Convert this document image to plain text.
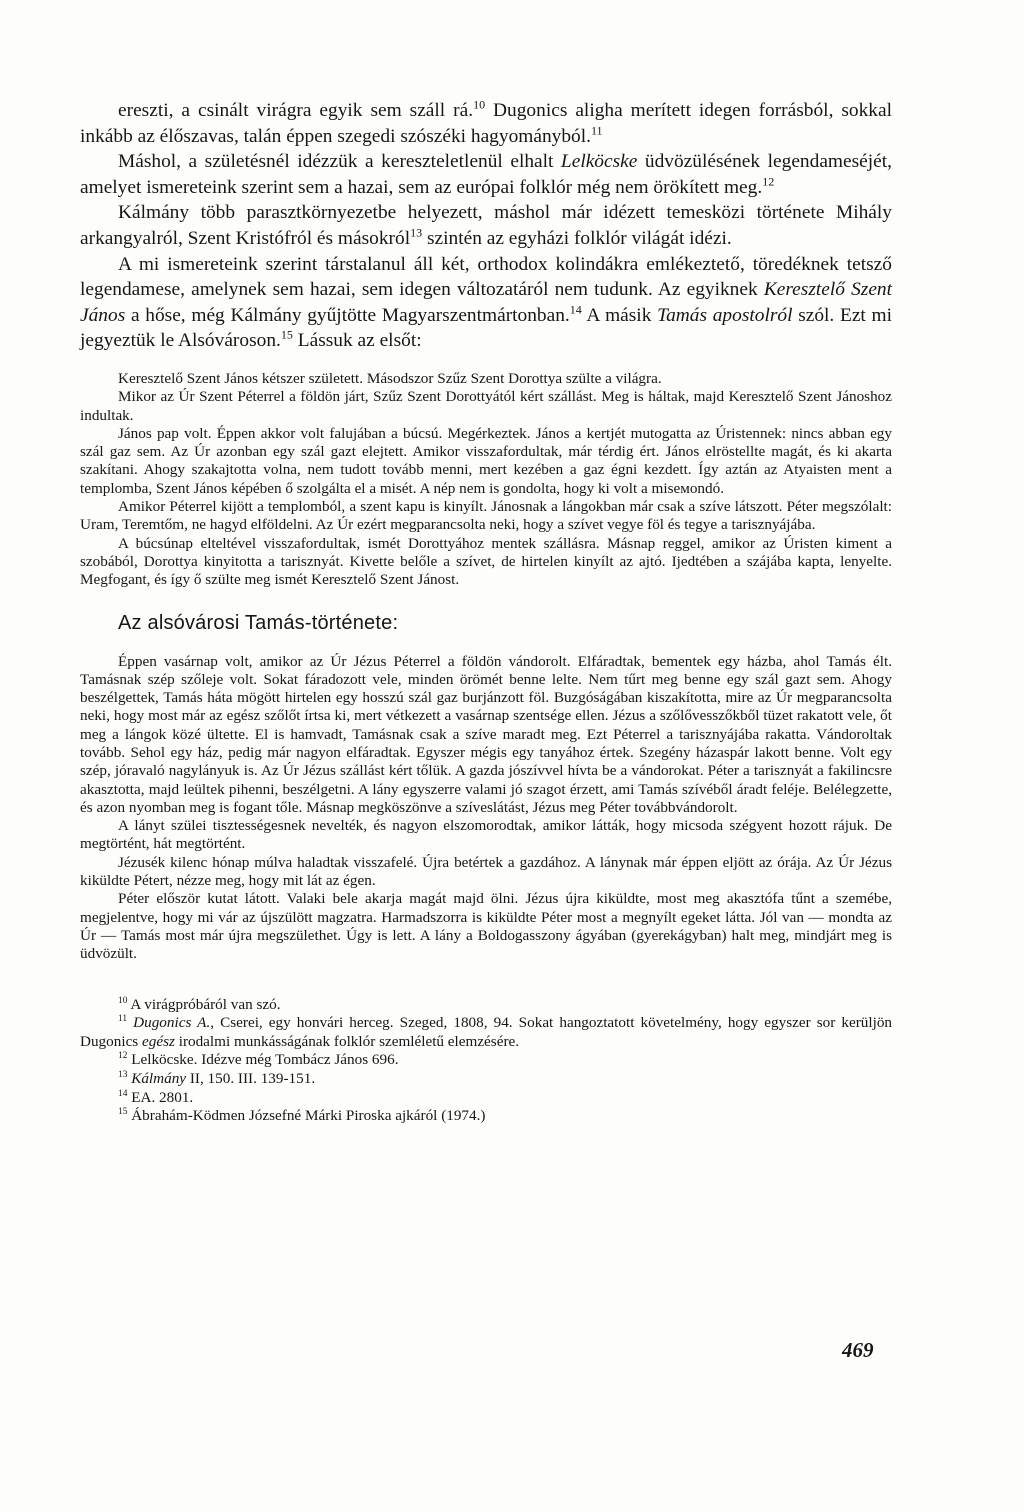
ereszti, a csinált virágra egyik sem száll rá.$^{10}$ Dugonics aligha merített idegen forrásból, sokkal inkább az élőszavas, talán éppen szegedi szószéki hagyományból.$^{11}$

Máshol, a születésnél idézzük a kereszteletlenül elhalt Lelköcske üdvözülésének legendameséjét, amelyet ismereteink szerint sem a hazai, sem az európai folklór még nem örökített meg.$^{12}$

Kálmány több parasztkörnyezetbe helyezett, máshol már idézett temesközi története Mihály arkangyalról, Szent Kristófról és másokról$^{13}$ szintén az egyházi folklór világát idézi.

A mi ismereteink szerint társtalanul áll két, orthodox kolindákra emlékeztető, töredéknek tetsző legendamese, amelynek sem hazai, sem idegen változatáról nem tudunk. Az egyiknek Keresztelő Szent János a hőse, még Kálmány gyűjtötte Magyarszentmártonban.$^{14}$ A másik Tamás apostolról szól. Ezt mi jegyeztük le Alsóvároson.$^{15}$ Lássuk az elsőt:

Keresztelő Szent János kétszer született. Másodszor Szűz Szent Dorottya szülte a világra.

Mikor az Úr Szent Péterrel a földön járt, Szűz Szent Dorottyától kért szállást. Meg is háltak, majd Keresztelő Szent Jánoshoz indultak.

János pap volt. Éppen akkor volt falujában a búcsú. Megérkeztek. János a kertjét mutogatta az Úristennek: nincs abban egy szál gaz sem. Az Úr azonban egy szál gazt elejtett. Amikor visszafordultak, már térdig ért. János elröstellte magát, és ki akarta szakítani. Ahogy szakajtotta volna, nem tudott tovább menni, mert kezében a gaz égni kezdett. Így aztán az Atyaisten ment a templomba, Szent János képében ő szolgálta el a misét. A nép nem is gondolta, hogy ki volt a miseмondó.

Amikor Péterrel kijött a templomból, a szent kapu is kinyílt. Jánosnak a lángokban már csak a szíve látszott. Péter megszólalt: Uram, Teremtőm, ne hagyd elföldelni. Az Úr ezért megparancsolta neki, hogy a szívet vegye föl és tegye a tarisznyájába.

A búcsúnap elteltével visszafordultak, ismét Dorottyához mentek szállásra. Másnap reggel, amikor az Úristen kiment a szobából, Dorottya kinyitotta a tarisznyát. Kivette belőle a szívet, de hirtelen kinyílt az ajtó. Ijedtében a szájába kapta, lenyelte. Megfogant, és így ő szülte meg ismét Keresztelő Szent Jánost.

Az alsóvárosi Tamás-története:

Éppen vasárnap volt, amikor az Úr Jézus Péterrel a földön vándorolt. Elfáradtak, bementek egy házba, ahol Tamás élt. Tamásnak szép szőleje volt. Sokat fáradozott vele, minden örömét benne lelte. Nem tűrt meg benne egy szál gazt sem. Ahogy beszélgettek, Tamás háta mögött hirtelen egy hosszú szál gaz burjánzott föl. Buzgóságában kiszakította, mire az Úr megparancsolta neki, hogy most már az egész szőlőt írtsa ki, mert vétkezett a vasárnap szentsége ellen. Jézus a szőlővesszőkből tüzet rakatott vele, őt meg a lángok közé ültette. El is hamvadt, Tamásnak csak a szíve maradt meg. Ezt Péterrel a tarisznyájába rakatta. Vándoroltak tovább. Sehol egy ház, pedig már nagyon elfáradtak. Egyszer mégis egy tanyához értek. Szegény házaspár lakott benne. Volt egy szép, jóravaló nagylányuk is. Az Úr Jézus szállást kért tőlük. A gazda jószívvel hívta be a vándorokat. Péter a tarisznyát a fakilincsre akasztotta, majd leültek pihenni, beszélgetni. A lány egyszerre valami jó szagot érzett, ami Tamás szívéből áradt feléje. Belélegzette, és azon nyomban meg is fogant tőle. Másnap megköszönve a szíveslátást, Jézus meg Péter továbbvándorolt.

A lányt szülei tisztességesnek nevelték, és nagyon elszomorodtak, amikor látták, hogy micsoda szégyent hozott rájuk. De megtörtént, hát megtörtént.

Jézusék kilenc hónap múlva haladtak visszafelé. Újra betértek a gazdához. A lánynak már éppen eljött az órája. Az Úr Jézus kiküldte Pétert, nézze meg, hogy mit lát az égen.

Péter először kutat látott. Valaki bele akarja magát majd ölni. Jézus újra kiküldte, most meg akasztófa tűnt a szemébe, megjelentve, hogy mi vár az újszülött magzatra. Harmadszorra is kiküldte Péter most a megnyílt egeket látta. Jól van — mondta az Úr — Tamás most már újra megszülethet. Úgy is lett. A lány a Boldogasszony ágyában (gyerekágyban) halt meg, mindjárt meg is üdvözült.

$^{10}$ A virágpróbáról van szó.

$^{11}$ Dugonics A., Cserei, egy honvári herceg. Szeged, 1808, 94. Sokat hangoztatott követelmény, hogy egyszer sor kerüljön Dugonics egész irodalmi munkásságának folklór szemléletű elemzésére.

$^{12}$ Lelköcske. Idézve még Tombácz János 696.

$^{13}$ Kálmány II, 150. III. 139-151.

$^{14}$ EA. 2801.

$^{15}$ Ábrahám-Ködmen Józsefné Márki Piroska ajkáról (1974.)

469
